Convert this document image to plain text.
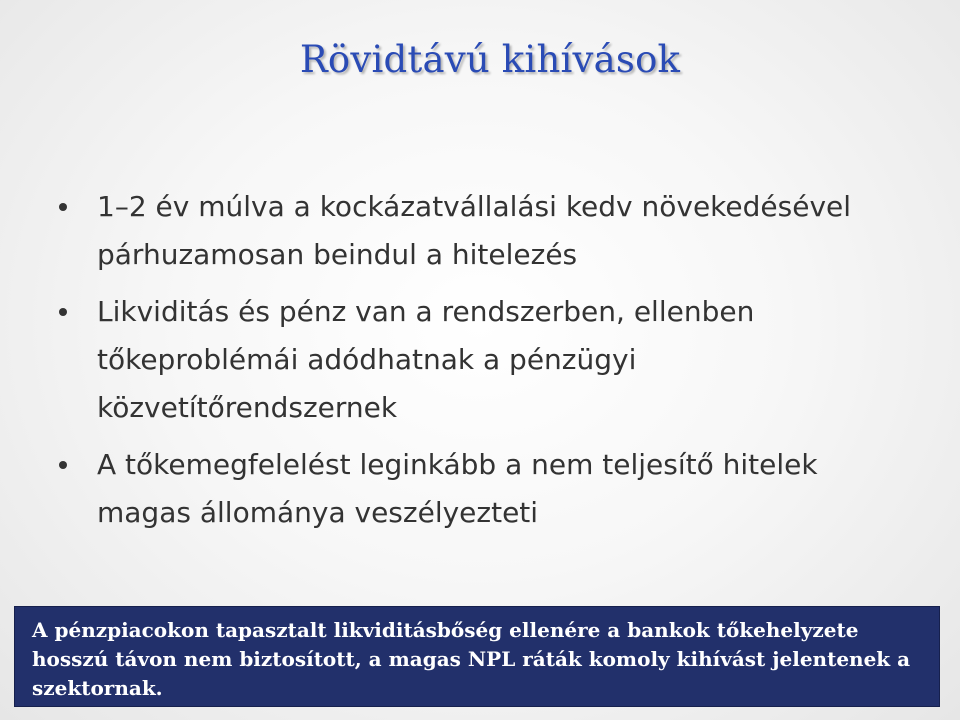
Rövidtávú kihívások
1–2 év múlva a kockázatvállalási kedv növekedésével párhuzamosan beindul a hitelezés
Likviditás és pénz van a rendszerben, ellenben tőkeproblémái adódhatnak a pénzügyi közvetítőrendszernek
A tőkemegfelelést leginkább a nem teljesítő hitelek magas állománya veszélyezteti
A pénzpiacokon tapasztalt likviditásbőség ellenére a bankok tőkehelyzete hosszú távon nem biztosított, a magas NPL ráták komoly kihívást jelentenek a szektornak.
